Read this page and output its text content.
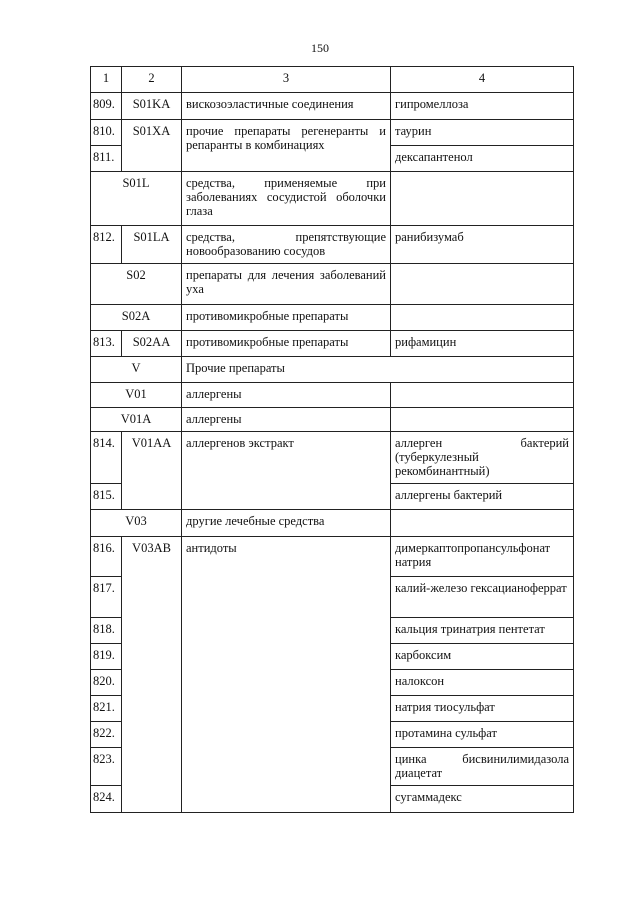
150
1	2	3	4
809.	S01KA	вискозоэластичные соединения	гипромеллоза
810.	S01XA	прочие препараты регенеранты и репаранты в комбинациях	таурин
811.			дексапантенол
S01L		средства, применяемые при заболеваниях сосудистой оболочки глаза	
812.	S01LA	средства, препятствующие новообразованию сосудов	ранибизумаб
S02		препараты для лечения заболеваний уха	
S02A		противомикробные препараты	
813.	S02AA	противомикробные препараты	рифамицин
V		Прочие препараты	
V01		аллергены	
V01A		аллергены	
814.	V01AA	аллергенов экстракт	аллерген бактерий (туберкулезный рекомбинантный)
815.			аллергены бактерий
V03		другие лечебные средства	
816.	V03AB	антидоты	димеркаптопропансульфонат натрия
817.			калий-железо гексацианоферрат
818.			кальция тринатрия пентетат
819.			карбоксим
820.			налоксон
821.			натрия тиосульфат
822.			протамина сульфат
823.			цинка бисвинилимидазола диацетат
824.			сугаммадекс
